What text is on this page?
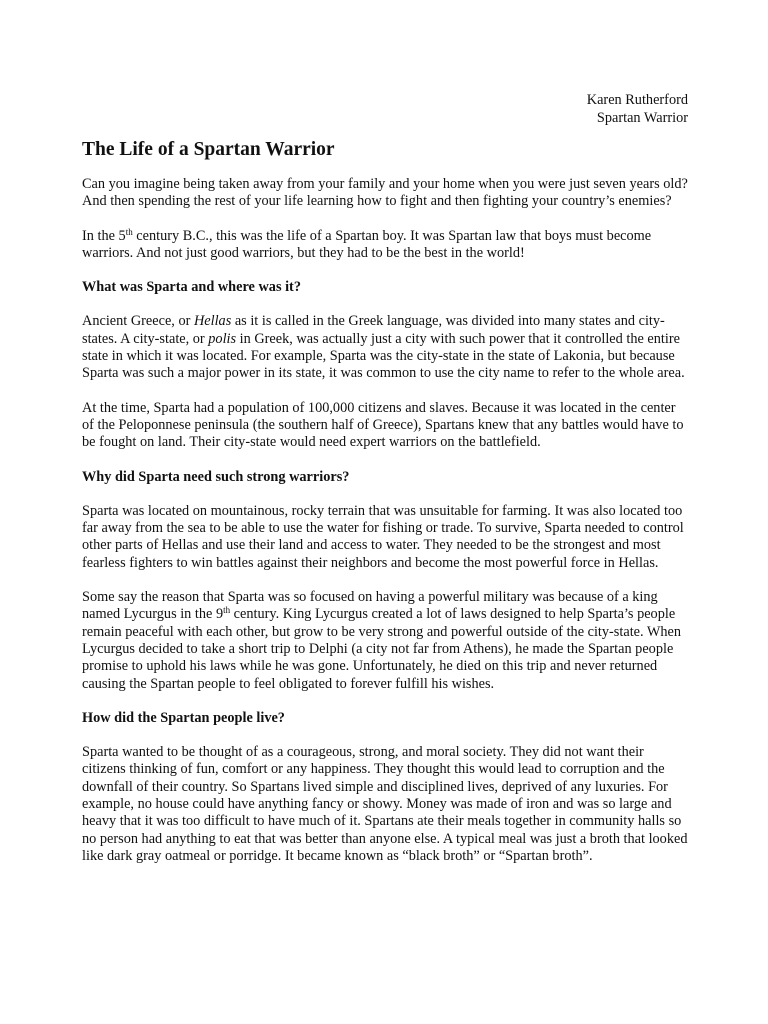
Karen Rutherford
Spartan Warrior
The Life of a Spartan Warrior

Can you imagine being taken away from your family and your home when you were just seven years old? And then spending the rest of your life learning how to fight and then fighting your country’s enemies?

In the 5th century B.C., this was the life of a Spartan boy. It was Spartan law that boys must become warriors. And not just good warriors, but they had to be the best in the world!

What was Sparta and where was it?

Ancient Greece, or Hellas as it is called in the Greek language, was divided into many states and city-states. A city-state, or polis in Greek, was actually just a city with such power that it controlled the entire state in which it was located. For example, Sparta was the city-state in the state of Lakonia, but because Sparta was such a major power in its state, it was common to use the city name to refer to the whole area.

At the time, Sparta had a population of 100,000 citizens and slaves. Because it was located in the center of the Peloponnese peninsula (the southern half of Greece), Spartans knew that any battles would have to be fought on land. Their city-state would need expert warriors on the battlefield.

Why did Sparta need such strong warriors?

Sparta was located on mountainous, rocky terrain that was unsuitable for farming. It was also located too far away from the sea to be able to use the water for fishing or trade. To survive, Sparta needed to control other parts of Hellas and use their land and access to water. They needed to be the strongest and most fearless fighters to win battles against their neighbors and become the most powerful force in Hellas.

Some say the reason that Sparta was so focused on having a powerful military was because of a king named Lycurgus in the 9th century. King Lycurgus created a lot of laws designed to help Sparta’s people remain peaceful with each other, but grow to be very strong and powerful outside of the city-state. When Lycurgus decided to take a short trip to Delphi (a city not far from Athens), he made the Spartan people promise to uphold his laws while he was gone. Unfortunately, he died on this trip and never returned causing the Spartan people to feel obligated to forever fulfill his wishes.

How did the Spartan people live?

Sparta wanted to be thought of as a courageous, strong, and moral society. They did not want their citizens thinking of fun, comfort or any happiness. They thought this would lead to corruption and the downfall of their country. So Spartans lived simple and disciplined lives, deprived of any luxuries. For example, no house could have anything fancy or showy. Money was made of iron and was so large and heavy that it was too difficult to have much of it. Spartans ate their meals together in community halls so no person had anything to eat that was better than anyone else. A typical meal was just a broth that looked like dark gray oatmeal or porridge. It became known as “black broth” or “Spartan broth”.
